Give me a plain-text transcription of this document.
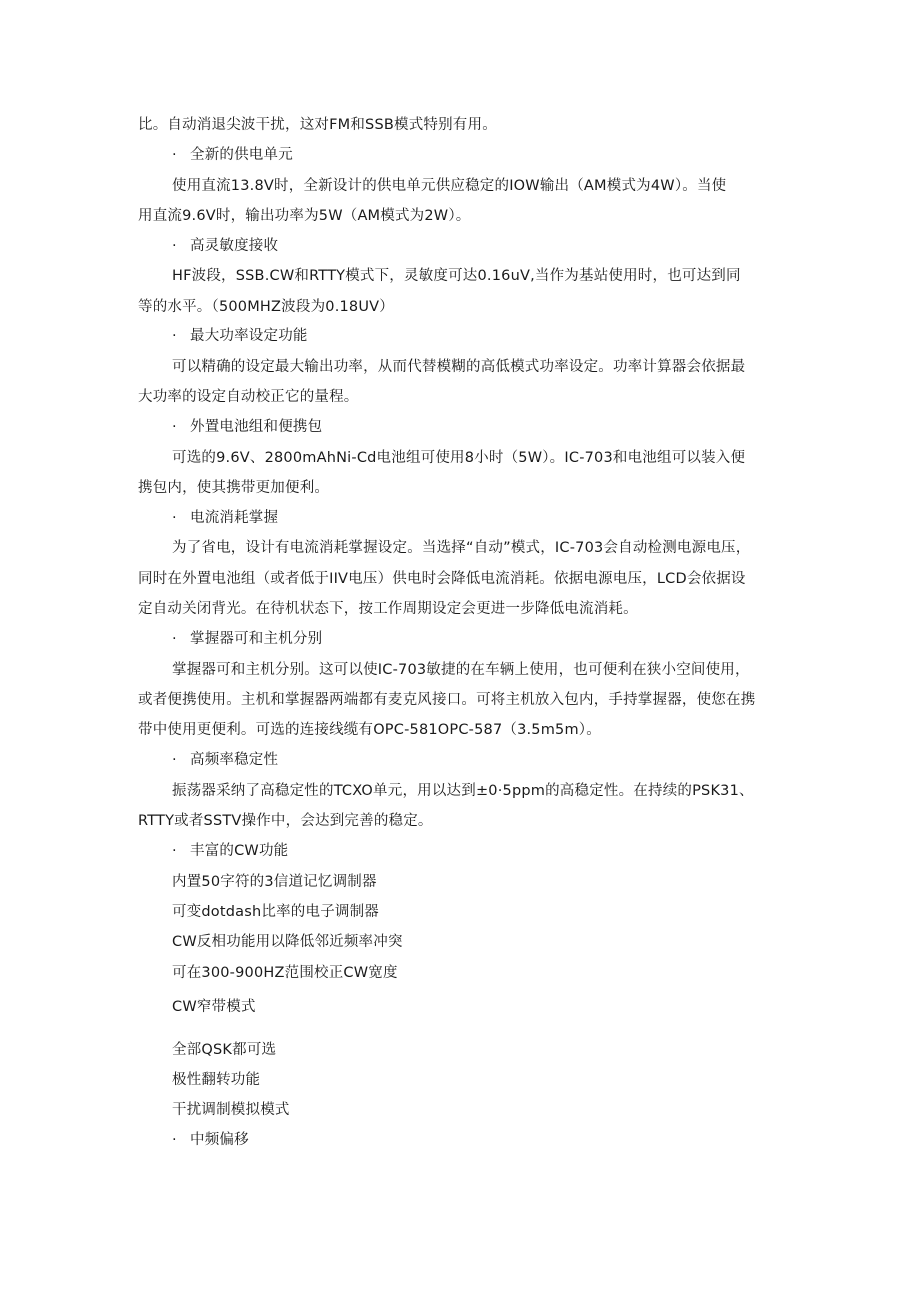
比。自动消退尖波干扰，这对FM和SSB模式特别有用。
· 全新的供电单元
使用直流13.8V时，全新设计的供电单元供应稳定的IOW输出（AM模式为4W）。当使
用直流9.6V时，输出功率为5W（AM模式为2W）。
· 高灵敏度接收
HF波段，SSB.CW和RTTY模式下，灵敏度可达0.16uV,当作为基站使用时，也可达到同
等的水平。（500MHZ波段为0.18UV）
· 最大功率设定功能
可以精确的设定最大输出功率，从而代替模糊的高低模式功率设定。功率计算器会依据最
大功率的设定自动校正它的量程。
· 外置电池组和便携包
可选的9.6V、2800mAhNi-Cd电池组可使用8小时（5W）。IC-703和电池组可以装入便
携包内，使其携带更加便利。
· 电流消耗掌握
为了省电，设计有电流消耗掌握设定。当选择“自动”模式，IC-703会自动检测电源电压，
同时在外置电池组（或者低于IIV电压）供电时会降低电流消耗。依据电源电压，LCD会依据设
定自动关闭背光。在待机状态下，按工作周期设定会更进一步降低电流消耗。
· 掌握器可和主机分别
掌握器可和主机分别。这可以使IC-703敏捷的在车辆上使用，也可便利在狭小空间使用，
或者便携使用。主机和掌握器两端都有麦克风接口。可将主机放入包内，手持掌握器，使您在携
带中使用更便利。可选的连接线缆有OPC-581OPC-587（3.5m5m）。
· 高频率稳定性
振荡器采纳了高稳定性的TCXO单元，用以达到±0·5ppm的高稳定性。在持续的PSK31、
RTTY或者SSTV操作中，会达到完善的稳定。
· 丰富的CW功能
内置50字符的3信道记忆调制器
可变dotdash比率的电子调制器
CW反相功能用以降低邻近频率冲突
可在300-900HZ范围校正CW宽度
CW窄带模式
全部QSK都可选
极性翻转功能
干扰调制模拟模式
· 中频偏移
